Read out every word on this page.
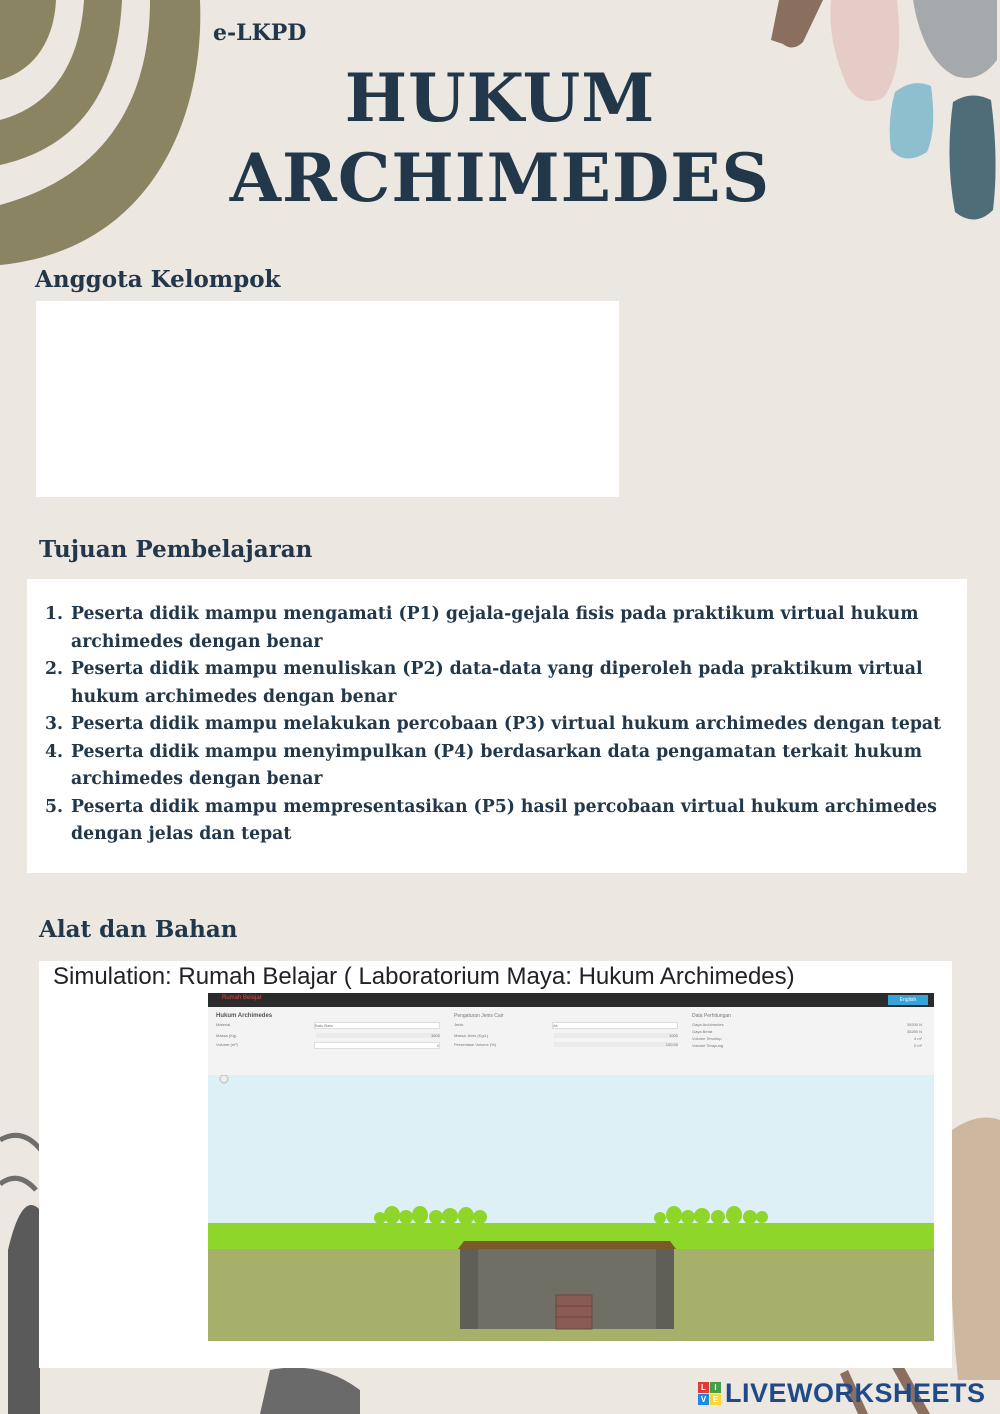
e-LKPD
HUKUM
ARCHIMEDES
Anggota Kelompok
Tujuan Pembelajaran
1. Peserta didik mampu mengamati (P1) gejala-gejala fisis pada praktikum virtual hukum archimedes dengan benar
2. Peserta didik mampu menuliskan (P2) data-data yang diperoleh pada praktikum virtual hukum archimedes dengan benar
3. Peserta didik mampu melakukan percobaan (P3) virtual hukum archimedes dengan tepat
4. Peserta didik mampu menyimpulkan (P4) berdasarkan data pengamatan terkait hukum archimedes dengan benar
5. Peserta didik mampu mempresentasikan (P5) hasil percobaan virtual hukum archimedes dengan jelas dan tepat
Alat dan Bahan
Simulation: Rumah Belajar ( Laboratorium Maya: Hukum Archimedes)
Rumah Belajar	English
Hukum Archimedes
Material	Batu Bata
Massa (Kg)	3600
Volume (m³)	2
Pengaturan Jenis Cair
Jenis	Air
Massa Jenis (Kg/L)	1000
Persentase Volume (%)	100.00
Data Perhitungan
Gaya Archimedes	39200 N
Gaya Berat	35280 N
Volume Tercelup	4 m³
Volume Terapung	0 m³
L	I
V E LIVEWORKSHEETS
